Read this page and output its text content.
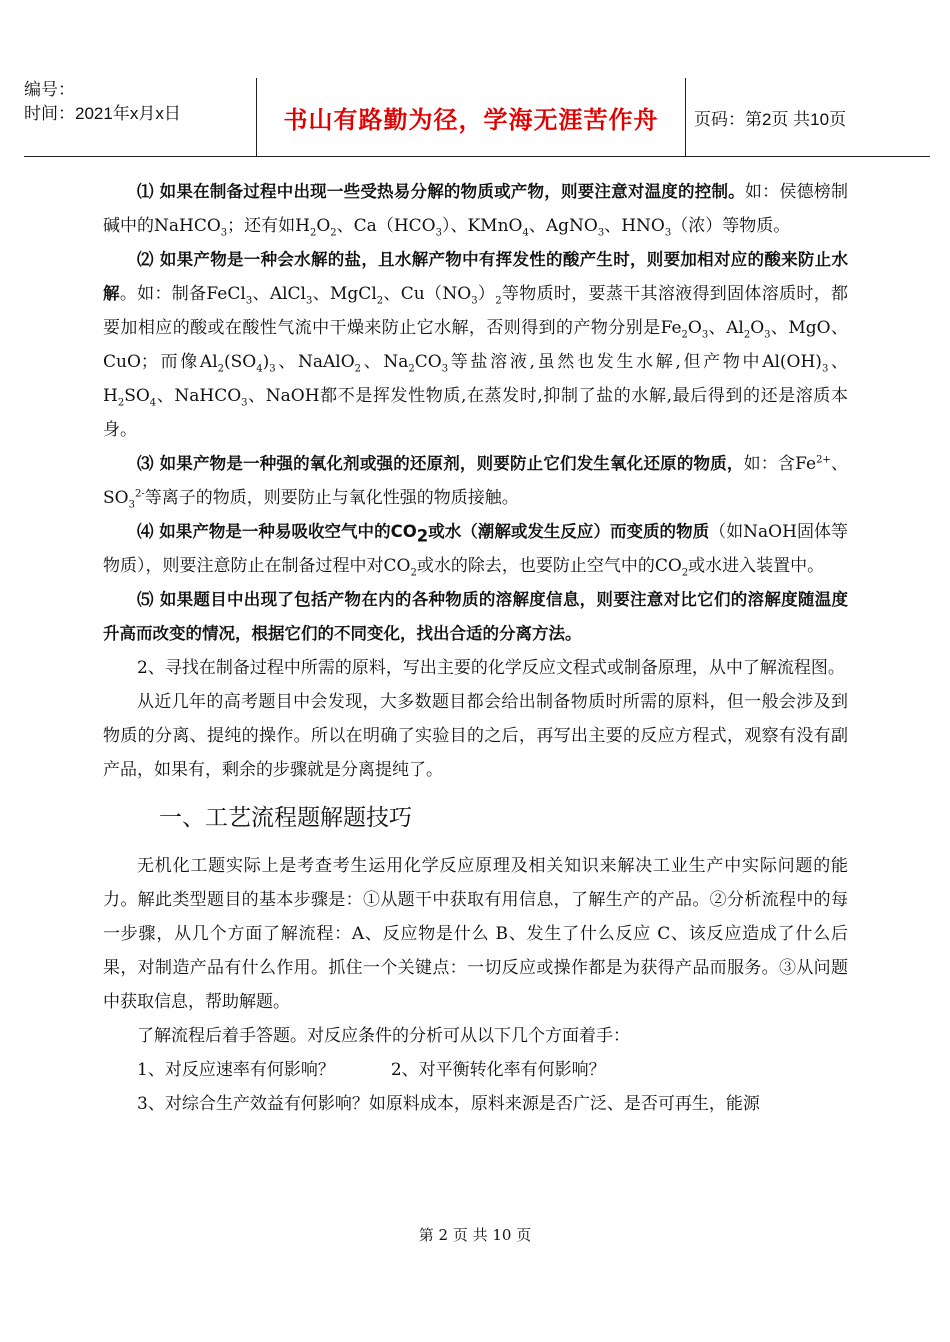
编号：
时间：2021年x月x日	书山有路勤为径，学海无涯苦作舟	页码：第2页 共10页

⑴ 如果在制备过程中出现一些受热易分解的物质或产物，则要注意对温度的控制。如：侯德榜制碱中的NaHCO$_3$；还有如$H_2O_2$、$Ca(HCO_3)$、KMnO$_4$、AgNO$_3$、$HNO_3$（浓）等物质。

⑵ 如果产物是一种会水解的盐，且水解产物中有挥发性的酸产生时，则要加相对应的酸来防止水解。如：制备FeCl$_3$、AlCl$_3$、MgCl$_2$、$Cu(NO_3)_2$等物质时，要蒸干其溶液得到固体溶质时，都要加相应的酸或在酸性气流中干燥来防止它水解，否则得到的产物分别是$Fe_2O_3$、$Al_2O_3$、MgO、CuO；而像$Al_2(SO_4)_3$、NaAlO$_2$、$Na_2CO_3$等盐溶液,虽然也发生水解,但产物中$Al(OH)_3$、$H_2SO_4$、NaHCO$_3$、NaOH都不是挥发性物质,在蒸发时,抑制了盐的水解,最后得到的还是溶质本身。

⑶ 如果产物是一种强的氧化剂或强的还原剂，则要防止它们发生氧化还原的物质，如：含$Fe^{2+}$、$SO_3^{2-}$等离子的物质，则要防止与氧化性强的物质接触。

⑷ 如果产物是一种易吸收空气中的$CO_2$或水（潮解或发生反应）而变质的物质（如NaOH固体等物质），则要注意防止在制备过程中对$CO_2$或水的除去，也要防止空气中的$CO_2$或水进入装置中。

⑸ 如果题目中出现了包括产物在内的各种物质的溶解度信息，则要注意对比它们的溶解度随温度升高而改变的情况，根据它们的不同变化，找出合适的分离方法。

2、寻找在制备过程中所需的原料，写出主要的化学反应文程式或制备原理，从中了解流程图。

从近几年的高考题目中会发现，大多数题目都会给出制备物质时所需的原料，但一般会涉及到物质的分离、提纯的操作。所以在明确了实验目的之后，再写出主要的反应方程式，观察有没有副产品，如果有，剩余的步骤就是分离提纯了。

一、工艺流程题解题技巧

无机化工题实际上是考查考生运用化学反应原理及相关知识来解决工业生产中实际问题的能力。解此类型题目的基本步骤是：①从题干中获取有用信息，了解生产的产品。②分析流程中的每一步骤，从几个方面了解流程：A、反应物是什么 B、发生了什么反应 C、该反应造成了什么后果，对制造产品有什么作用。抓住一个关键点：一切反应或操作都是为获得产品而服务。③从问题中获取信息，帮助解题。

了解流程后着手答题。对反应条件的分析可从以下几个方面着手：

1、对反应速率有何影响？	2、对平衡转化率有何影响？

3、对综合生产效益有何影响？如原料成本，原料来源是否广泛、是否可再生，能源

第 2 页 共 10 页
